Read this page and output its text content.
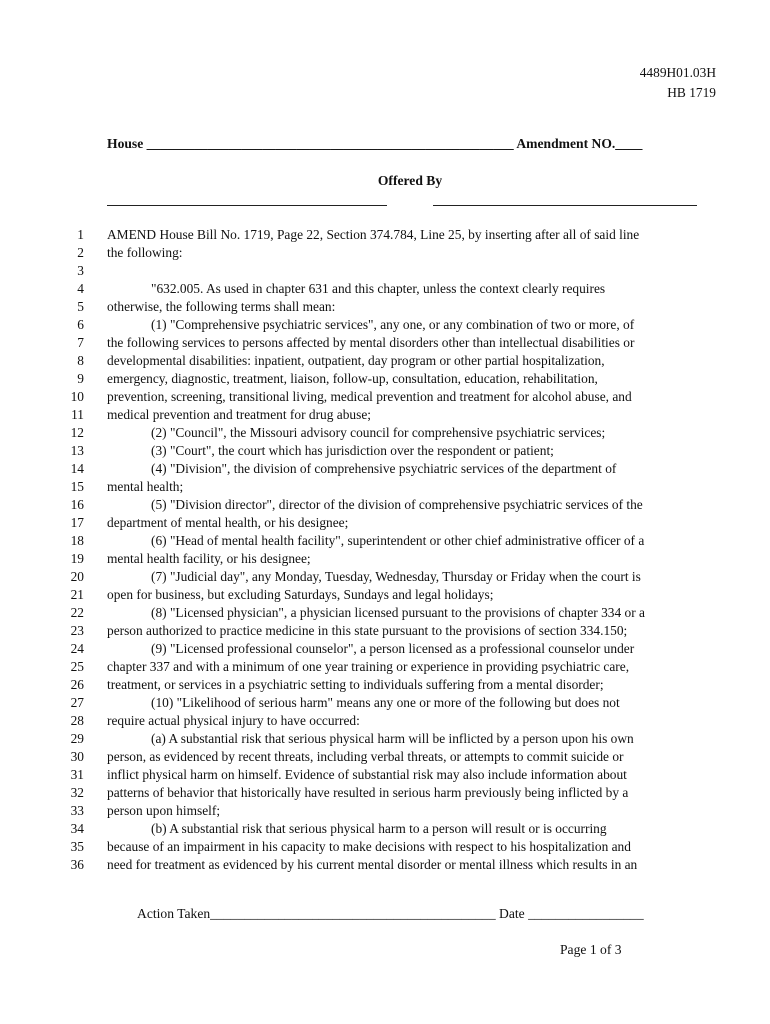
4489H01.03H
HB 1719
House ______________________________________________________ Amendment NO.____
Offered By
1 AMEND House Bill No. 1719, Page 22, Section 374.784, Line 25, by inserting after all of said line
2 the following:
3
4	"632.005. As used in chapter 631 and this chapter, unless the context clearly requires
5 otherwise, the following terms shall mean:
6	(1) "Comprehensive psychiatric services", any one, or any combination of two or more, of
7 the following services to persons affected by mental disorders other than intellectual disabilities or
8 developmental disabilities: inpatient, outpatient, day program or other partial hospitalization,
9 emergency, diagnostic, treatment, liaison, follow-up, consultation, education, rehabilitation,
10 prevention, screening, transitional living, medical prevention and treatment for alcohol abuse, and
11 medical prevention and treatment for drug abuse;
12	(2) "Council", the Missouri advisory council for comprehensive psychiatric services;
13	(3) "Court", the court which has jurisdiction over the respondent or patient;
14	(4) "Division", the division of comprehensive psychiatric services of the department of
15 mental health;
16	(5) "Division director", director of the division of comprehensive psychiatric services of the
17 department of mental health, or his designee;
18	(6) "Head of mental health facility", superintendent or other chief administrative officer of a
19 mental health facility, or his designee;
20	(7) "Judicial day", any Monday, Tuesday, Wednesday, Thursday or Friday when the court is
21 open for business, but excluding Saturdays, Sundays and legal holidays;
22	(8) "Licensed physician", a physician licensed pursuant to the provisions of chapter 334 or a
23 person authorized to practice medicine in this state pursuant to the provisions of section 334.150;
24	(9) "Licensed professional counselor", a person licensed as a professional counselor under
25 chapter 337 and with a minimum of one year training or experience in providing psychiatric care,
26 treatment, or services in a psychiatric setting to individuals suffering from a mental disorder;
27	(10) "Likelihood of serious harm" means any one or more of the following but does not
28 require actual physical injury to have occurred:
29	(a) A substantial risk that serious physical harm will be inflicted by a person upon his own
30 person, as evidenced by recent threats, including verbal threats, or attempts to commit suicide or
31 inflict physical harm on himself. Evidence of substantial risk may also include information about
32 patterns of behavior that historically have resulted in serious harm previously being inflicted by a
33 person upon himself;
34	(b) A substantial risk that serious physical harm to a person will result or is occurring
35 because of an impairment in his capacity to make decisions with respect to his hospitalization and
36 need for treatment as evidenced by his current mental disorder or mental illness which results in an
Action Taken__________________________________________ Date _________________
Page 1 of 3
